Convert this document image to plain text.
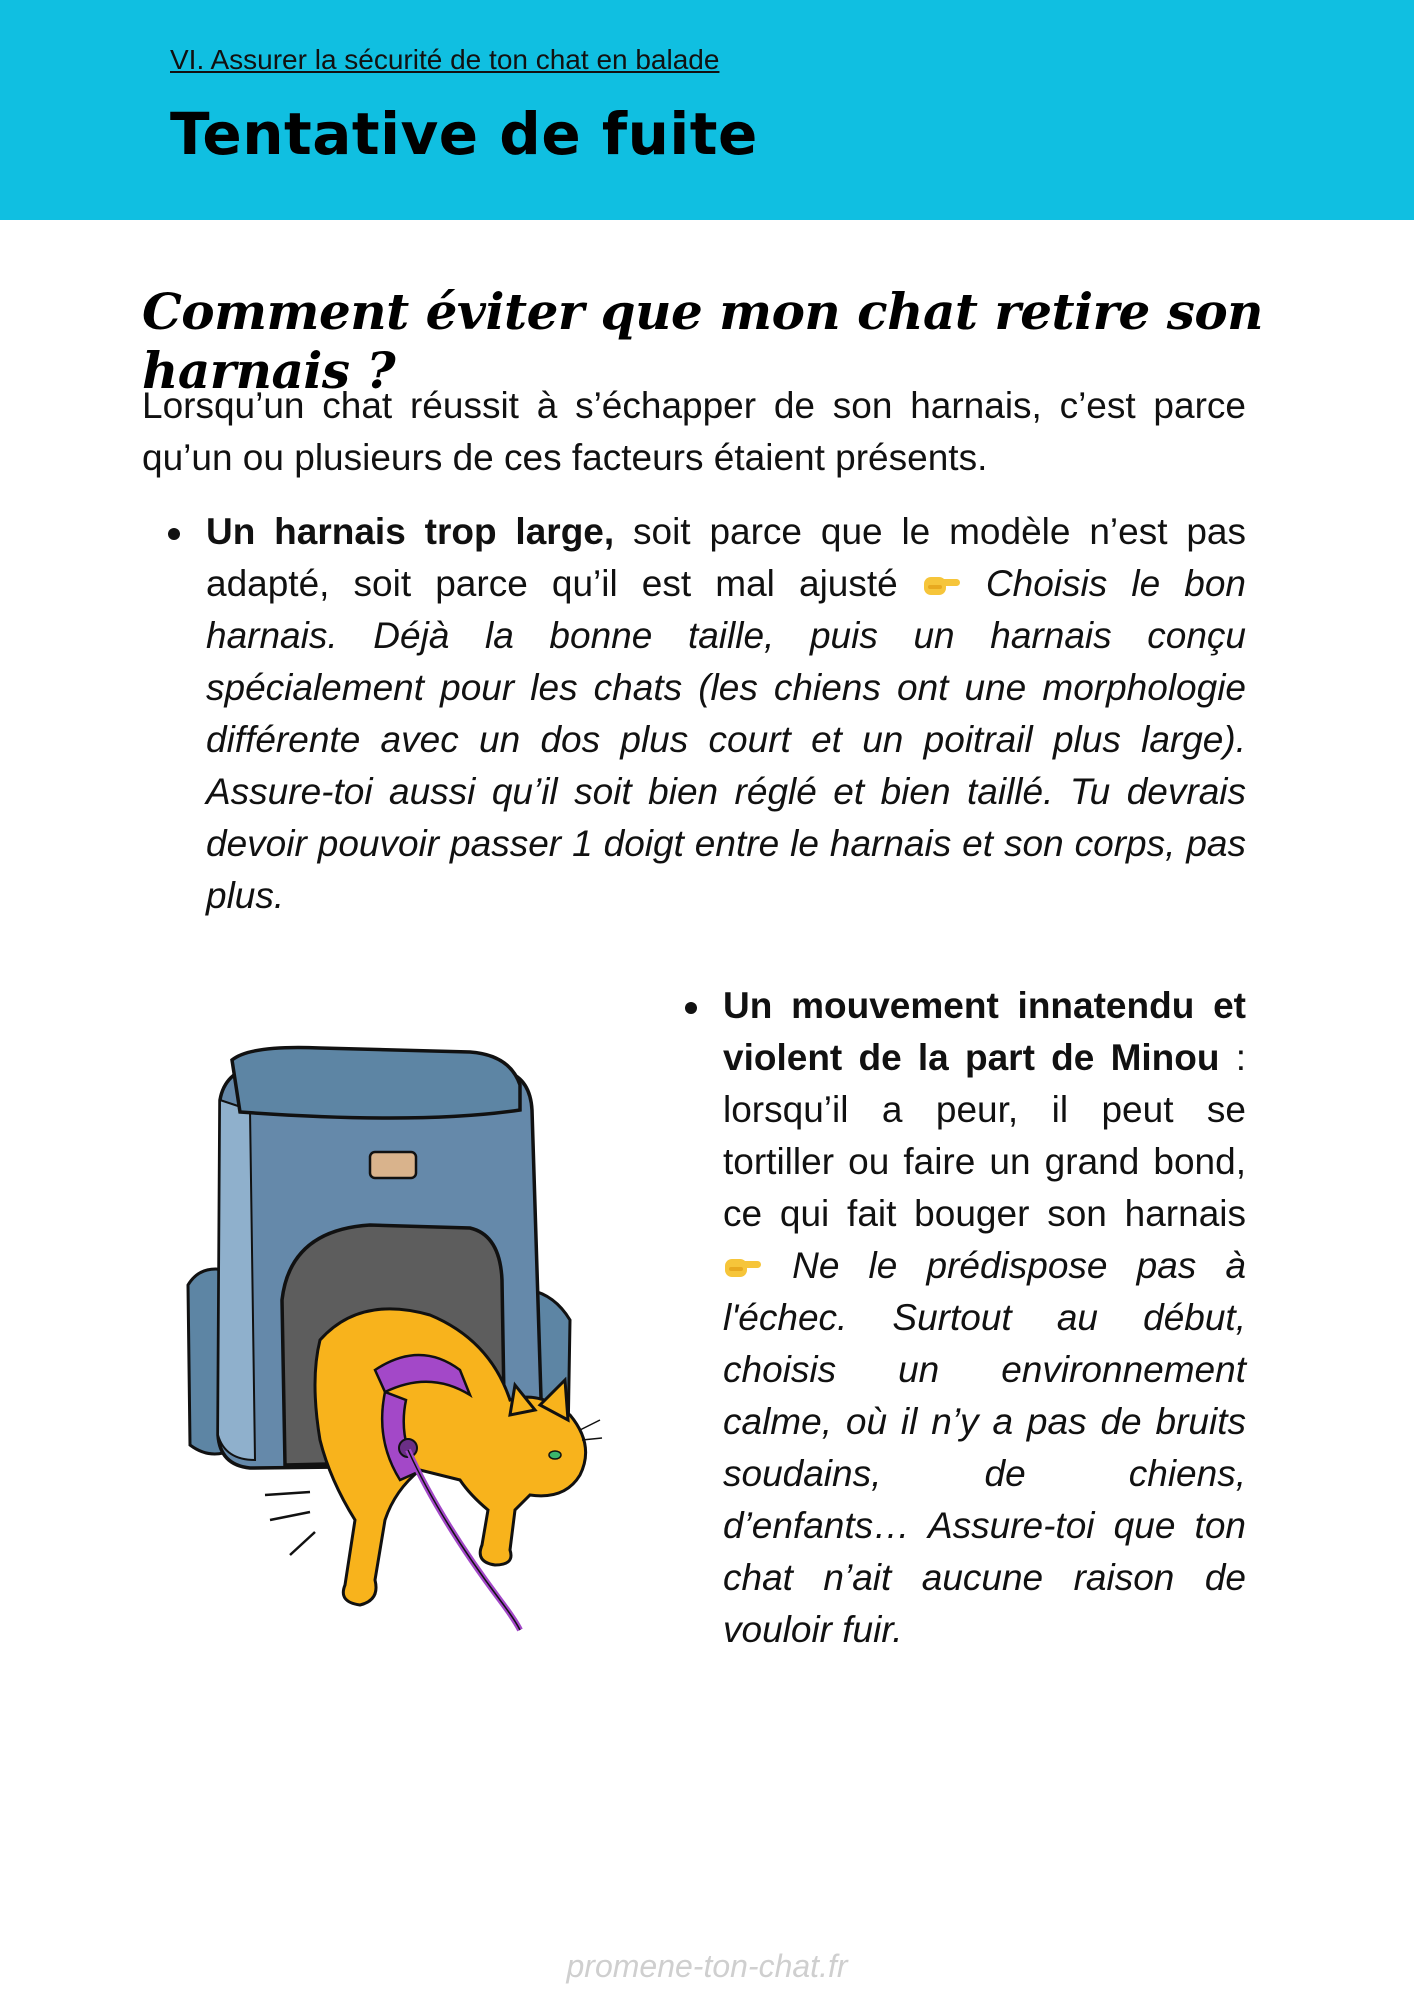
VI. Assurer la sécurité de ton chat en balade
Tentative de fuite
Comment éviter que mon chat retire son harnais ?

Lorsqu’un chat réussit à s’échapper de son harnais, c’est parce qu’un ou plusieurs de ces facteurs étaient présents.

Un harnais trop large, soit parce que le modèle n’est pas adapté, soit parce qu’il est mal ajusté  Choisis le bon harnais. Déjà la bonne taille, puis un harnais conçu spécialement pour les chats (les chiens ont une morphologie différente avec un dos plus court et un poitrail plus large). Assure-toi aussi qu’il soit bien réglé et bien taillé. Tu devrais devoir pouvoir passer 1 doigt entre le harnais et son corps, pas plus.

Un mouvement innatendu et violent de la part de Minou : lorsqu’il a peur, il peut se tortiller ou faire un grand bond, ce qui fait bouger son harnais  Ne le prédispose pas à l'échec. Surtout au début, choisis un environnement calme, où il n’y a pas de bruits soudains, de chiens, d’enfants… Assure-toi que ton chat n’ait aucune raison de vouloir fuir.

promene-ton-chat.fr
